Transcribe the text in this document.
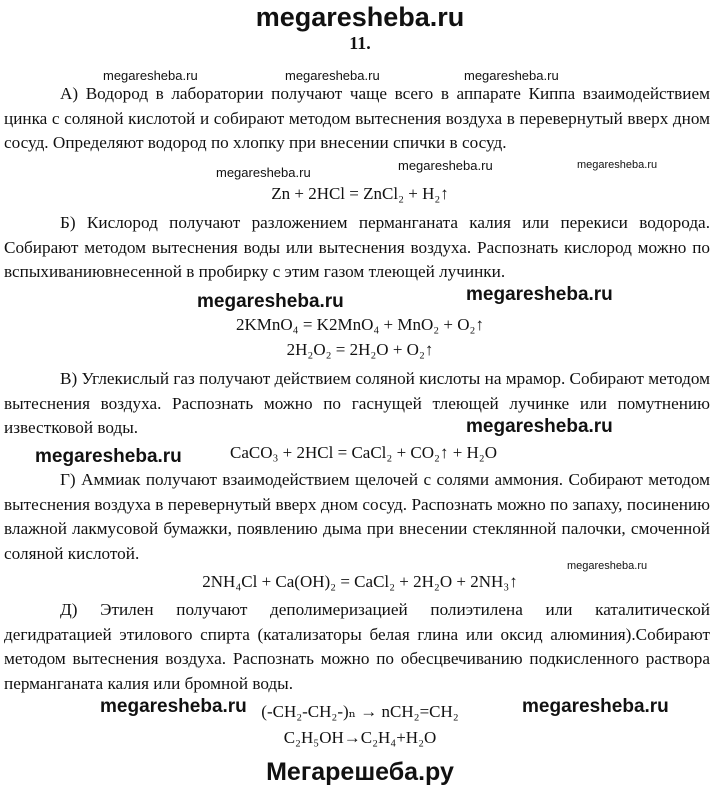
megaresheba.ru
11.
megaresheba.ru	megaresheba.ru	megaresheba.ru
А) Водород в лаборатории получают чаще всего в аппарате Киппа взаимодействием цинка с соляной кислотой и собирают методом вытеснения воздуха в перевернутый вверх дном сосуд. Определяют водород по хлопку при внесении спички в сосуд.
megaresheba.ru	megaresheba.ru	megaresheba.ru
Zn + 2HCl = ZnCl₂ + H₂↑
Б) Кислород получают разложением перманганата калия или перекиси водорода. Собирают методом вытеснения воды или вытеснения воздуха. Распознать кислород можно по вспыхиваниювнесенной в пробирку с этим газом тлеющей лучинки.
megaresheba.ru	megaresheba.ru
2KMnO₄ = K2MnO₄ + MnO₂ + O₂↑
2H₂O₂ = 2H₂O + O₂↑
В) Углекислый газ получают действием соляной кислоты на мрамор. Собирают методом вытеснения воздуха. Распознать можно по гаснущей тлеющей лучинке или помутнению известковой воды.	megaresheba.ru
megaresheba.ru	CaCO₃ + 2HCl = CaCl₂ + CO₂↑ + H₂O
Г) Аммиак получают взаимодействием щелочей с солями аммония. Собирают методом вытеснения воздуха в перевернутый вверх дном сосуд. Распознать можно по запаху, посинению влажной лакмусовой бумажки, появлению дыма при внесении стеклянной палочки, смоченной соляной кислотой.
megaresheba.ru
2NH₄Cl + Ca(OH)₂ = CaCl₂ + 2H₂O + 2NH₃↑
Д) Этилен получают деполимеризацией полиэтилена или каталитической дегидратацией этилового спирта (катализаторы белая глина или оксид алюминия).Собирают методом вытеснения воздуха. Распознать можно по обесцвечиванию подкисленного раствора перманганата калия или бромной воды.
megaresheba.ru	megaresheba.ru
(-CH₂-CH₂-)ₙ → nCH₂=CH₂
C₂H₅OH→C₂H₄+H₂O
Мегарешеба.ру
